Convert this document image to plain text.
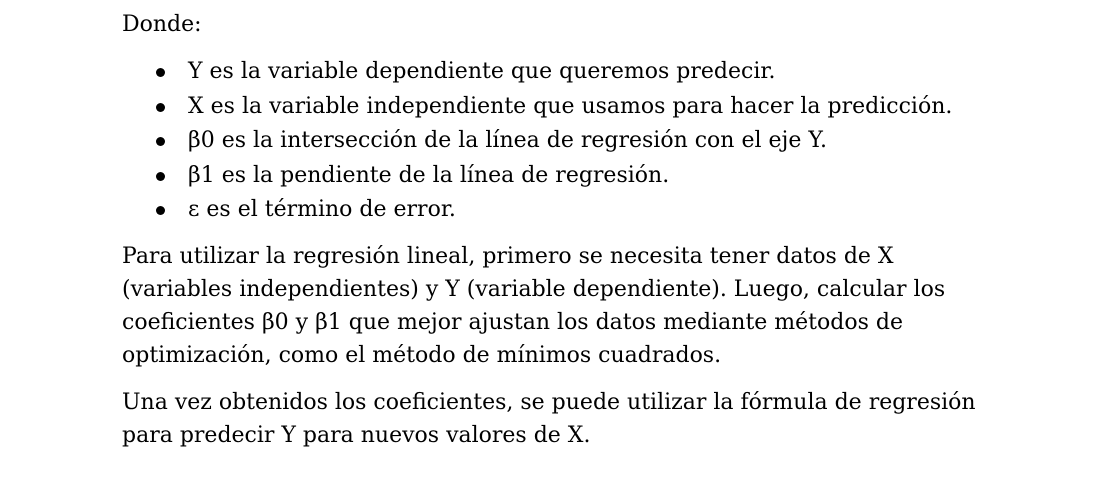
Donde:
Y es la variable dependiente que queremos predecir.
X es la variable independiente que usamos para hacer la predicción.
β0 es la intersección de la línea de regresión con el eje Y.
β1 es la pendiente de la línea de regresión.
ε es el término de error.

Para utilizar la regresión lineal, primero se necesita tener datos de X (variables independientes) y Y (variable dependiente). Luego, calcular los coeficientes β0 y β1 que mejor ajustan los datos mediante métodos de optimización, como el método de mínimos cuadrados.

Una vez obtenidos los coeficientes, se puede utilizar la fórmula de regresión para predecir Y para nuevos valores de X.
